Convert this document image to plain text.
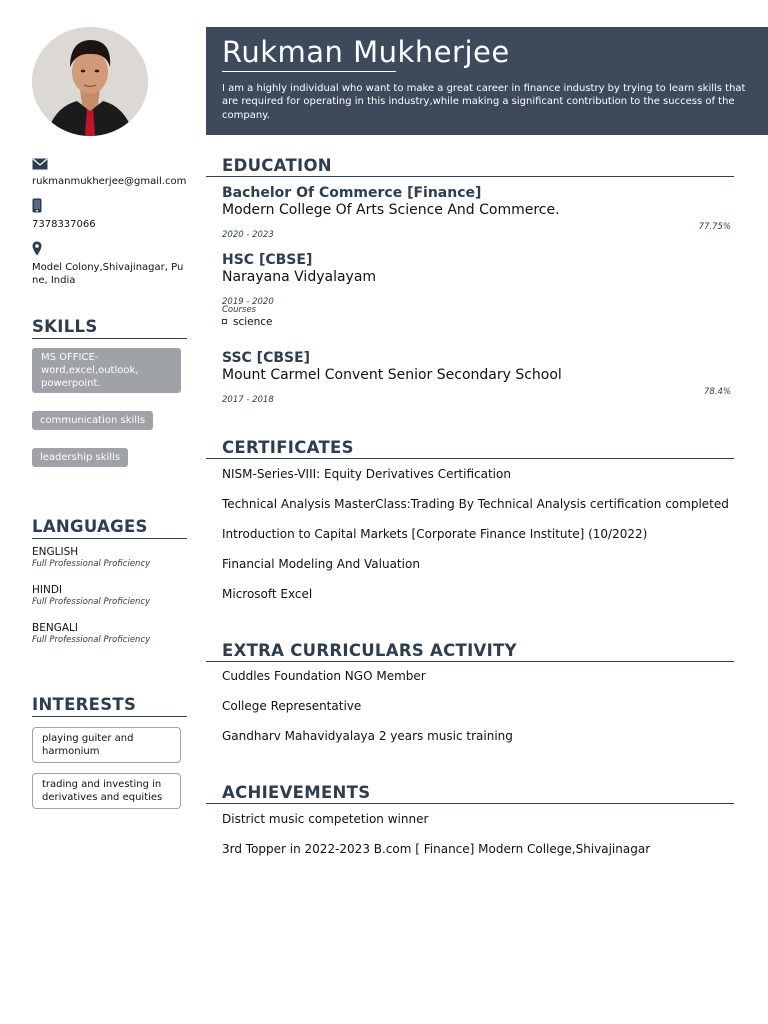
rukmanmukherjee@gmail.com
7378337066
Model Colony,Shivajinagar, Pune, India
SKILLS
MS OFFICE-word,excel,outlook, powerpoint. communication skills leadership skills
LANGUAGES
ENGLISH
Full Professional Proficiency
HINDI
Full Professional Proficiency
BENGALI
Full Professional Proficiency
INTERESTS
playing guiter and harmonium
trading and investing in derivatives and equities
Rukman Mukherjee
I am a highly individual who want to make a great career in finance industry by trying to learn skills that are required for operating in this industry,while making a significant contribution to the success of the company.
EDUCATION
Bachelor Of Commerce [Finance]
Modern College Of Arts Science And Commerce.
2020 - 2023
77.75%
HSC [CBSE]
Narayana Vidyalayam
2019 - 2020
Courses
science
SSC [CBSE]
Mount Carmel Convent Senior Secondary School
2017 - 2018
78.4%
CERTIFICATES
NISM-Series-VIII: Equity Derivatives Certification
Technical Analysis MasterClass:Trading By Technical Analysis certification completed
Introduction to Capital Markets [Corporate Finance Institute] (10/2022)
Financial Modeling And Valuation
Microsoft Excel
EXTRA CURRICULARS ACTIVITY
Cuddles Foundation NGO Member
College Representative
Gandharv Mahavidyalaya 2 years music training
ACHIEVEMENTS
District music competetion winner
3rd Topper in 2022-2023 B.com [ Finance] Modern College,Shivajinagar
